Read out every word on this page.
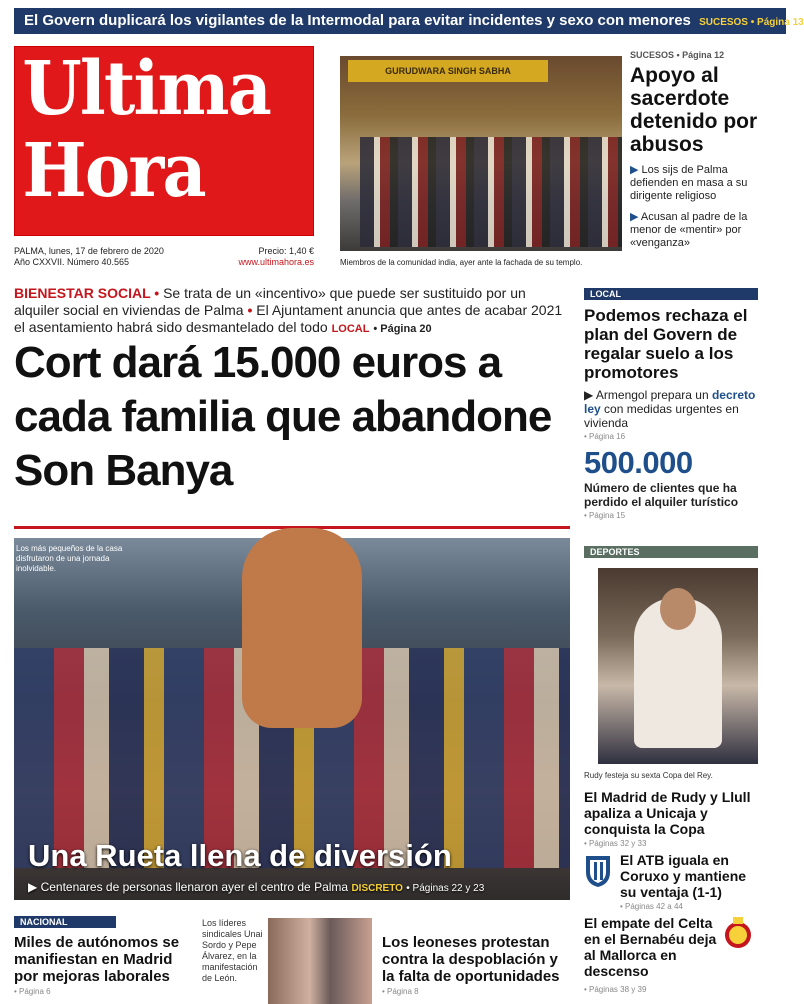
El Govern duplicará los vigilantes de la Intermodal para evitar incidentes y sexo con menores SUCESOS • Página 13
Ultima
Hora
PALMA, lunes, 17 de febrero de 2020
Año CXXVII. Número 40.565
Precio: 1,40 €
www.ultimahora.es
GURUDWARA SINGH SABHA
Miembros de la comunidad india, ayer ante la fachada de su templo.
SUCESOS • Página 12
Apoyo al sacerdote detenido por abusos
▶ Los sijs de Palma defienden en masa a su dirigente religioso
▶ Acusan al padre de la menor de «mentir» por «venganza»
BIENESTAR SOCIAL • Se trata de un «incentivo» que puede ser sustituido por un alquiler social en viviendas de Palma • El Ajuntament anuncia que antes de acabar 2021 el asentamiento habrá sido desmantelado del todo LOCAL • Página 20
Cort dará 15.000 euros a cada familia que abandone Son Banya
Los más pequeños de la casa disfrutaron de una jornada inolvidable.
Una Rueta llena de diversión
▶ Centenares de personas llenaron ayer el centro de Palma DISCRETO • Páginas 22 y 23
LOCAL
Podemos rechaza el plan del Govern de regalar suelo a los promotores
▶ Armengol prepara un decreto ley con medidas urgentes en vivienda
• Página 16
500.000
Número de clientes que ha perdido el alquiler turístico
• Página 15
DEPORTES
Rudy festeja su sexta Copa del Rey.
El Madrid de Rudy y Llull apaliza a Unicaja y conquista la Copa
• Páginas 32 y 33
El ATB iguala en Coruxo y mantiene su ventaja (1-1)
• Páginas 42 a 44
El empate del Celta en el Bernabéu deja al Mallorca en descenso
• Páginas 38 y 39
NACIONAL
Miles de autónomos se manifiestan en Madrid por mejoras laborales
• Página 6
Los líderes sindicales Unai Sordo y Pepe Álvarez, en la manifestación de León.
Los leoneses protestan contra la despoblación y la falta de oportunidades
• Página 8
